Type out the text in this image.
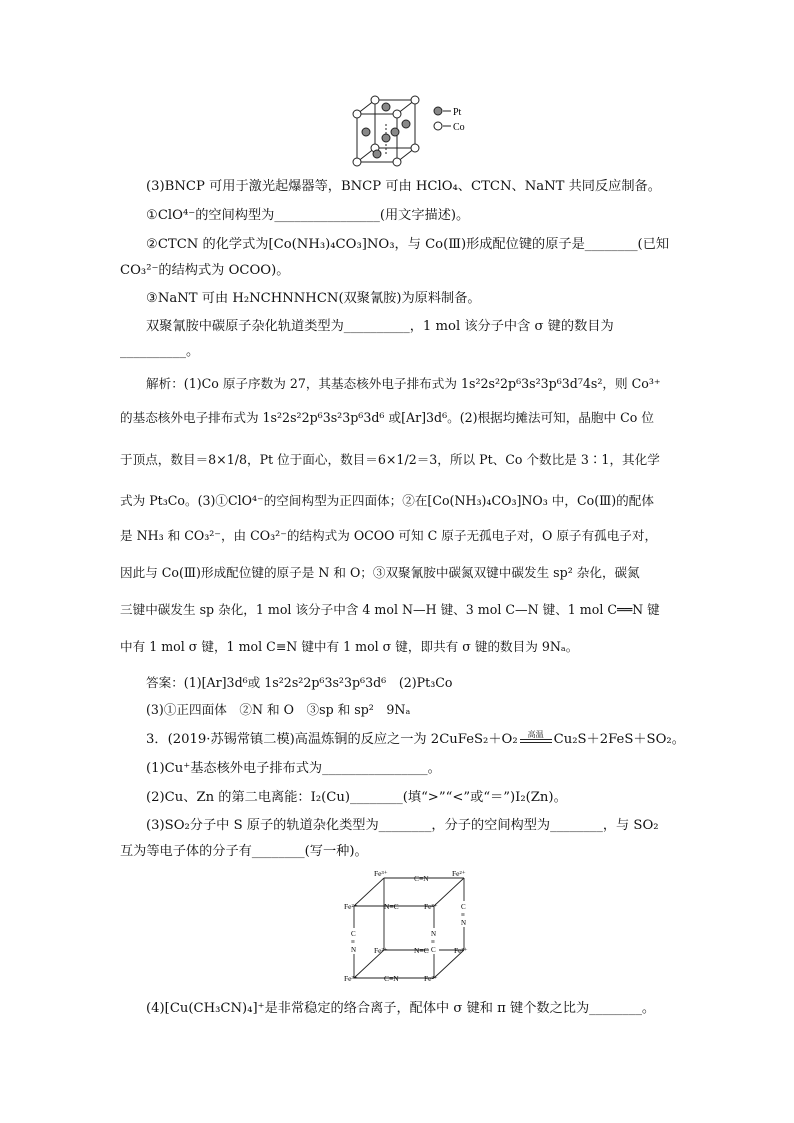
Pt
Co
(3)BNCP 可用于激光起爆器等，BNCP 可由 HClO₄、CTCN、NaNT 共同反应制备。
①ClO⁴⁻的空间构型为________________(用文字描述)。
②CTCN 的化学式为[Co(NH₃)₄CO₃]NO₃，与 Co(Ⅲ)形成配位键的原子是________(已知
CO₃²⁻的结构式为 OCOO)。
③NaNT 可由 H₂NCHNNHCN(双聚氰胺)为原料制备。
双聚氰胺中碳原子杂化轨道类型为__________，1 mol 该分子中含 σ 键的数目为
__________。
解析：(1)Co 原子序数为 27，其基态核外电子排布式为 1s²2s²2p⁶3s²3p⁶3d⁷4s²，则 Co³⁺
的基态核外电子排布式为 1s²2s²2p⁶3s²3p⁶3d⁶ 或[Ar]3d⁶。(2)根据均摊法可知，晶胞中 Co 位
于顶点，数目＝8×1/8，Pt 位于面心，数目＝6×1/2＝3，所以 Pt、Co 个数比是 3∶1，其化学
式为 Pt₃Co。(3)①ClO⁴⁻的空间构型为正四面体；②在[Co(NH₃)₄CO₃]NO₃ 中，Co(Ⅲ)的配体
是 NH₃ 和 CO₃²⁻，由 CO₃²⁻的结构式为 OCOO 可知 C 原子无孤电子对，O 原子有孤电子对，
因此与 Co(Ⅲ)形成配位键的原子是 N 和 O；③双聚氰胺中碳氮双键中碳发生 sp² 杂化，碳氮
三键中碳发生 sp 杂化，1 mol 该分子中含 4 mol N—H 键、3 mol C—N 键、1 mol C══N 键
中有 1 mol σ 键，1 mol C≡N 键中有 1 mol σ 键，即共有 σ 键的数目为 9Nₐ。
答案：(1)[Ar]3d⁶或 1s²2s²2p⁶3s²3p⁶3d⁶　(2)Pt₃Co
(3)①正四面体　②N 和 O　③sp 和 sp²　9Nₐ
3．(2019·苏锡常镇二模)高温炼铜的反应之一为 2CuFeS₂＋O₂	高温 Cu₂S＋2FeS＋SO₂。
(1)Cu⁺基态核外电子排布式为________________。
(2)Cu、Zn 的第二电离能：I₂(Cu)________(填“>”“<”或“＝”)I₂(Zn)。
(3)SO₂分子中 S 原子的轨道杂化类型为________，分子的空间构型为________，与 SO₂
互为等电子体的分子有________(写一种)。
Fe³⁺	Fe²⁺
Fe²⁺	Fe³⁺
Fe²⁺	Fe³⁺
Fe³⁺	Fe²⁺
C≡N
N≡C
N≡C
C≡N
C
≡
N
N
≡
C
C
≡
N
(4)[Cu(CH₃CN)₄]⁺是非常稳定的络合离子，配体中 σ 键和 π 键个数之比为________。
